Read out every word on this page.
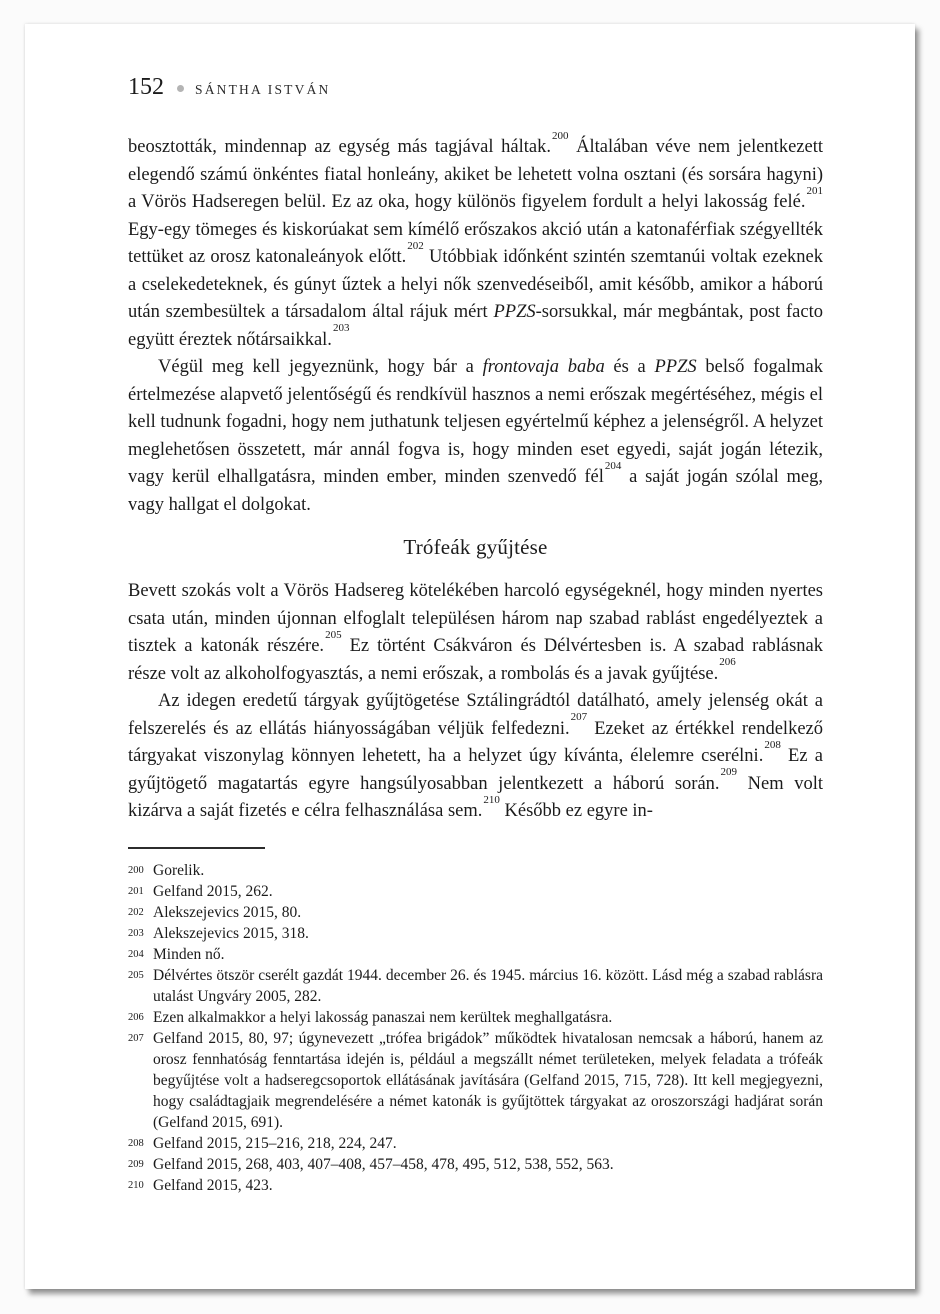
152 SÁNTHA ISTVÁN

beosztották, mindennap az egység más tagjával háltak.$^{200}$ Általában véve nem jelentkezett elegendő számú önkéntes fiatal honleány, akiket be lehetett volna osztani (és sorsára hagyni) a Vörös Hadseregen belül. Ez az oka, hogy különös figyelem fordult a helyi lakosság felé.$^{201}$ Egy-egy tömeges és kiskorúakat sem kímélő erőszakos akció után a katonaférfiak szégyellték tettüket az orosz katonaleányok előtt.$^{202}$ Utóbbiak időnként szintén szemtanúi voltak ezeknek a cselekedeteknek, és gúnyt űztek a helyi nők szenvedéseiből, amit később, amikor a háború után szembesültek a társadalom által rájuk mért PPZS-sorsukkal, már megbántak, post facto együtt éreztek nőtársaikkal.$^{203}$

Végül meg kell jegyeznünk, hogy bár a frontovaja baba és a PPZS belső fogalmak értelmezése alapvető jelentőségű és rendkívül hasznos a nemi erőszak megértéséhez, mégis el kell tudnunk fogadni, hogy nem juthatunk teljesen egyértelmű képhez a jelenségről. A helyzet meglehetősen összetett, már annál fogva is, hogy minden eset egyedi, saját jogán létezik, vagy kerül elhallgatásra, minden ember, minden szenvedő fél$^{204}$ a saját jogán szólal meg, vagy hallgat el dolgokat.

Trófeák gyűjtése

Bevett szokás volt a Vörös Hadsereg kötelékében harcoló egységeknél, hogy minden nyertes csata után, minden újonnan elfoglalt településen három nap szabad rablást engedélyeztek a tisztek a katonák részére.$^{205}$ Ez történt Csákváron és Délvértesben is. A szabad rablásnak része volt az alkoholfogyasztás, a nemi erőszak, a rombolás és a javak gyűjtése.$^{206}$

Az idegen eredetű tárgyak gyűjtögetése Sztálingrádtól datálható, amely jelenség okát a felszerelés és az ellátás hiányosságában véljük felfedezni.$^{207}$ Ezeket az értékkel rendelkező tárgyakat viszonylag könnyen lehetett, ha a helyzet úgy kívánta, élelemre cserélni.$^{208}$ Ez a gyűjtögető magatartás egyre hangsúlyosabban jelentkezett a háború során.$^{209}$ Nem volt kizárva a saját fizetés e célra felhasználása sem.$^{210}$ Később ez egyre in-

200 Gorelik.
201 Gelfand 2015, 262.
202 Alekszejevics 2015, 80.
203 Alekszejevics 2015, 318.
204 Minden nő.
205 Délvértes ötször cserélt gazdát 1944. december 26. és 1945. március 16. között. Lásd még a szabad rablásra utalást Ungváry 2005, 282.
206 Ezen alkalmakkor a helyi lakosság panaszai nem kerültek meghallgatásra.
207 Gelfand 2015, 80, 97; úgynevezett „trófea brigádok” működtek hivatalosan nemcsak a háború, hanem az orosz fennhatóság fenntartása idején is, például a megszállt német területeken, melyek feladata a trófeák begyűjtése volt a hadseregcsoportok ellátásának javítására (Gelfand 2015, 715, 728). Itt kell megjegyezni, hogy családtagjaik megrendelésére a német katonák is gyűjtöttek tárgyakat az oroszországi hadjárat során (Gelfand 2015, 691).
208 Gelfand 2015, 215–216, 218, 224, 247.
209 Gelfand 2015, 268, 403, 407–408, 457–458, 478, 495, 512, 538, 552, 563.
210 Gelfand 2015, 423.
